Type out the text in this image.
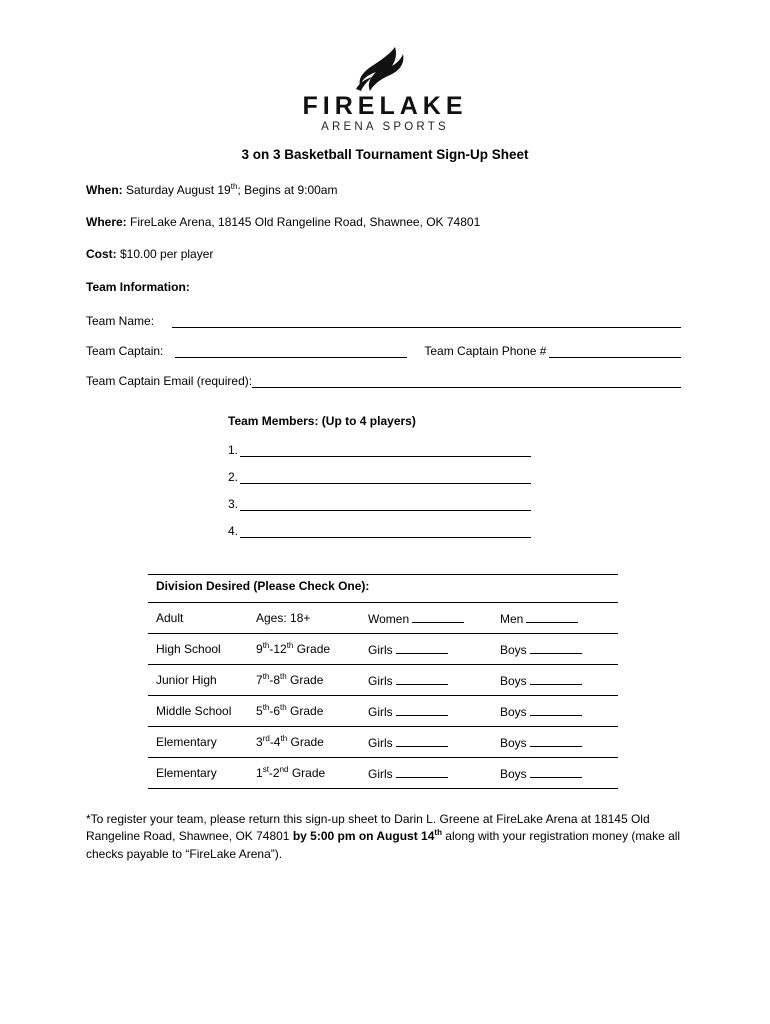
FIRELAKE
ARENA SPORTS
3 on 3 Basketball Tournament Sign-Up Sheet

When: Saturday August 19th; Begins at 9:00am

Where: FireLake Arena, 18145 Old Rangeline Road, Shawnee, OK 74801

Cost: $10.00 per player

Team Information:

Team Name:
Team Captain:	Team Captain Phone #
Team Captain Email (required):
Team Members: (Up to 4 players)
1.
2.
3.
4.
Division Desired (Please Check One):			
Adult	Ages: 18+	Women	Men
High School	9th-12th Grade	Girls	Boys
Junior High	7th-8th Grade	Girls	Boys
Middle School	5th-6th Grade	Girls	Boys
Elementary	3rd-4th Grade	Girls	Boys
Elementary	1st-2nd Grade	Girls	Boys

*To register your team, please return this sign-up sheet to Darin L. Greene at FireLake Arena at 18145 Old Rangeline Road, Shawnee, OK 74801 by 5:00 pm on August 14th along with your registration money (make all checks payable to “FireLake Arena”).
